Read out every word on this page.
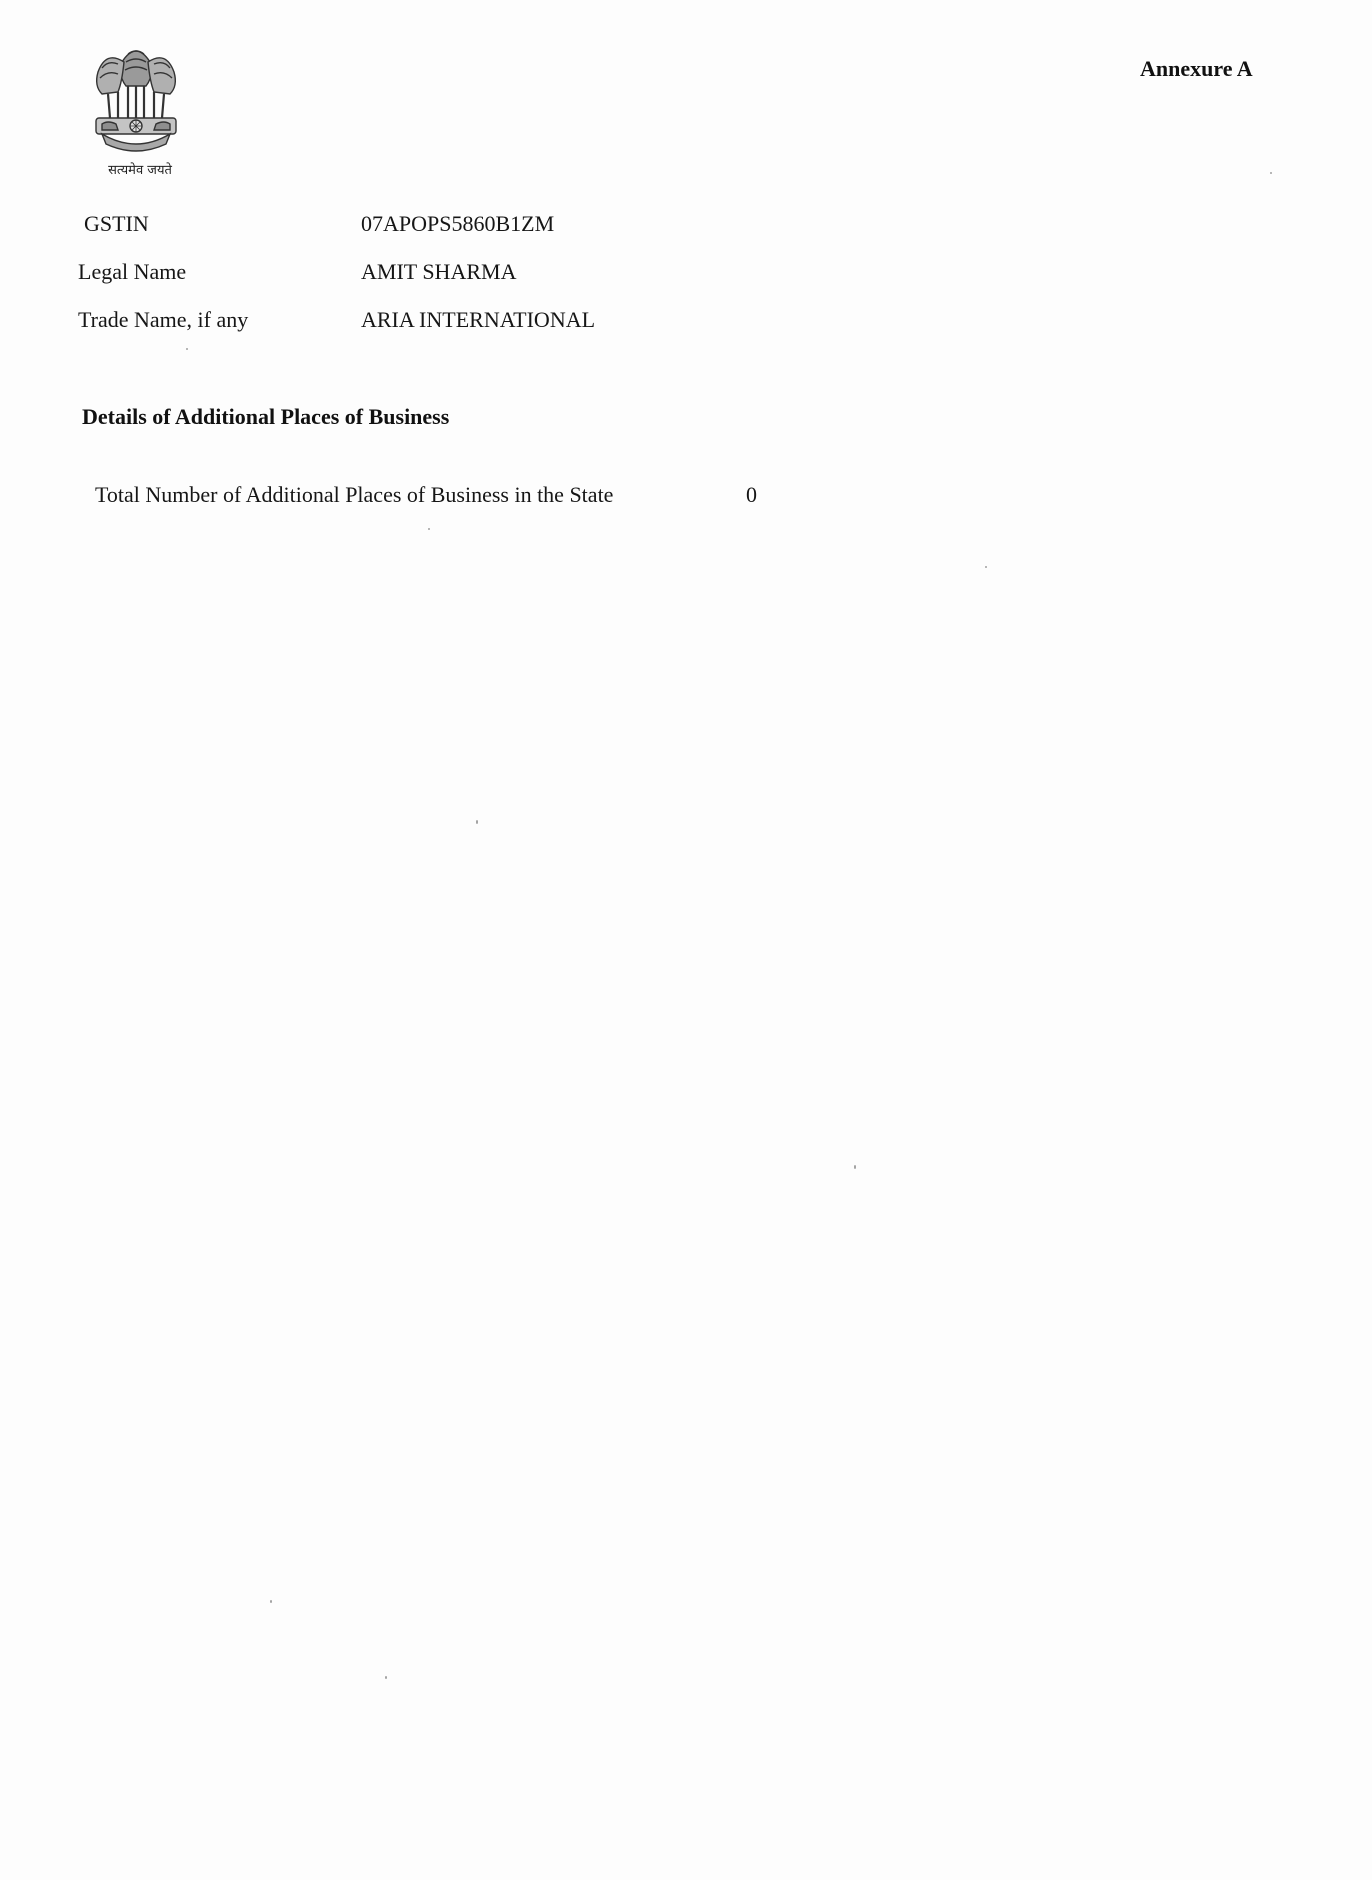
सत्यमेव जयते
Annexure A
GSTIN	07APOPS5860B1ZM
Legal Name	AMIT SHARMA
Trade Name, if any	ARIA INTERNATIONAL
Details of Additional Places of Business
Total Number of Additional Places of Business in the State	0
